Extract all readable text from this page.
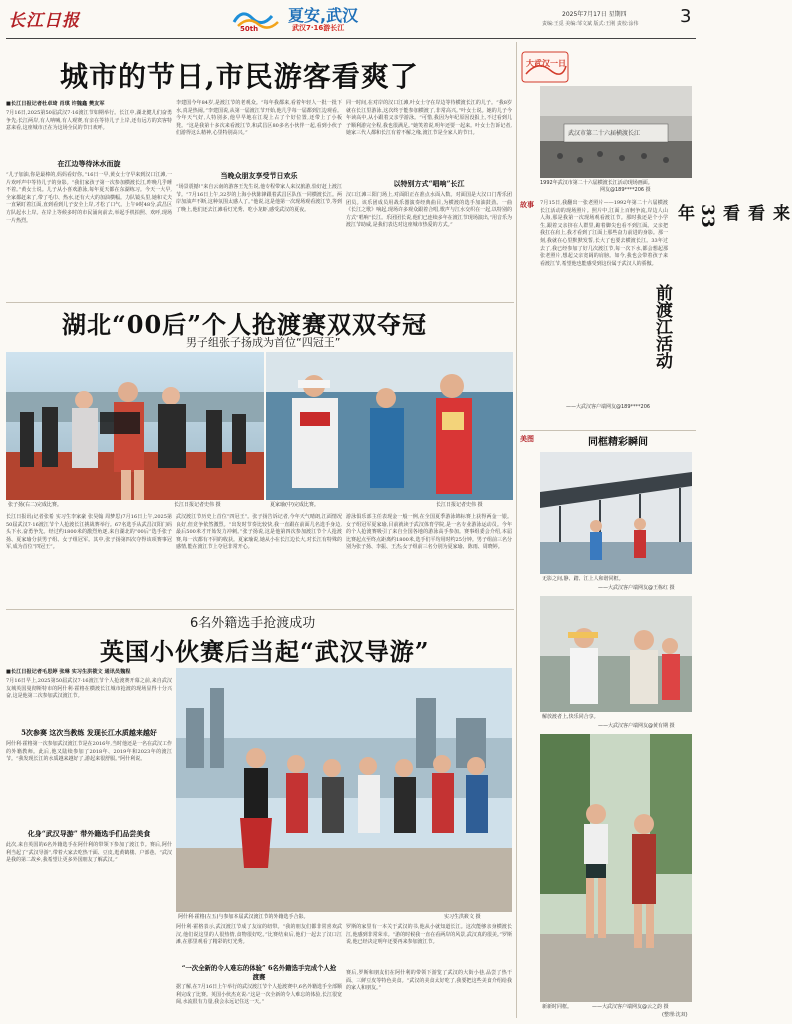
长江日报	50th
夏安,武汉
武汉7·16游长江
2025年7月17日 星期四
责编:王觅 美编:邹文斌 版式:王刚 责校:涂伟 3
城市的节日,市民游客看爽了
■长江日报记者杜卓琦 肖琪 许魏鑫 樊友军
7月16日,2025第50届武汉7·16渡江节如期举行。长江中,湖北健儿们奋勇争先;长江两岸,有人呐喊,有人观赛,有亲在等待儿子上岸,还有远方的宾客特意来看,这座城市正在为这场全民的节日欢呼。
在江边等待沐水而旋
“儿子加油,你是最棒的,妈妈看好你。”16日一早,黄女士守早来到汉口江滩,一片欢呼声中等待儿子的身影。“我们家孩子第一次参加横渡长江,昨晚几乎睡不着。”黄女士说。儿子从小喜欢游泳,每年夏天都在东湖练习。今天一大早,全家都赶来了,带了毛巾、热水,还有大大的加油横幅。力队镜头里,她和丈夫一直紧盯着江面,直到看到儿子安全上岸,才松了口气。上午9时48分,武昌区方队起水上岸。在岸上等候多时的市民涌向前去,举起手机拍照、欢呼,现场一片热烈。
李建国今年84岁,是渡江节的老观众。“每年我都来,看着年轻人一批一批下水,真是热闹。”李建国说,从第一届渡江节开始,他几乎每一届都到江边观看。今年天气好,人特别多,他早早地在江堤上占了个好位置,还带上了小板凳。“这是我第十多次来看渡江节,和武昌区80多名小伙伴一起,看到小伙子们游得这么精神,心里特别高兴。”
当晚众朋友享受节日欢乐
“场景震撼!”来自云南的游客王先生说,他专程带家人来汉旅游,恰好赶上渡江节。“7月16日上午,32岁的上海小伙陈锋跟着武昌区队伍一同横渡长江。两岸加油声不断,这种氛围太感人了。”他说,这是他第一次现场观看渡江节,等到了晚上,他们还去江滩看灯光秀、吃小龙虾,感受武汉的夏夜。
同一时间,在对岸的汉口江滩,叶女士守在岸边等待横渡长江的儿子。“我8岁就在长江里游泳,这次终于能参加横渡了,非常高兴。”叶女士说。她的儿子今年读高中,从小跟着父亲学游泳。“可惜,我因为年纪原因没报上,不过看到儿子顺利游完全程,我也很满足。”她笑着说,明年还要一起来。叶女士告诉记者,她家三代人都和长江有着不解之缘,渡江节是全家人的节日。
以特别方式“唱响”长江
汉口江滩三阳门场上,对面阳正在准点水面入数。对面国是大汉口门帮乐团团员。该乐团成员用战乐器演奏经典曲目,为横渡的选手加油鼓劲。一曲《长江之歌》响起,现场许多观众跟着合唱,歌声与江水交织在一起,以特别的方式“唱响”长江。乐团团长说,他们已连续多年在渡江节现场演出,“用音乐为渡江节助威,是我们表达对这座城市热爱的方式。”
湖北“00后”个人抢渡赛双双夺冠
男子组张子扬成为首位“四冠王”
张子扬(右二)完成比赛。	长江日报记者史伟 摄	夏家瑜(中)完成比赛。	长江日报记者史伟 摄
长江日报讯(记者张希 实习生李家豪 张昊翰 周梦思)7月16日上午,2025第50届武汉7·16渡江节个人抢渡长江挑战赛举行。67名选手从武昌汉阳门码头下水,奋勇争先。经过约1800米的激烈角逐,来自湖北的“00后”选手张子扬、夏家瑜分获男子组、女子组冠军。其中,张子扬第四次夺得该项赛事冠军,成为首位“四冠王”。
武汉渡江节历史上首位“四冠王”。张子扬告诉记者,今年天气晴朗,江面情况良好,但竞争依然激烈。“出发时节奏比较快,我一直跟在前面几名选手身边,最后500米才开始发力冲刺。”张子扬说,这是他第四次参加渡江节个人抢渡赛,每一次都有不同的收获。夏家瑜说,她从小在长江边长大,对长江有特殊的感情,能在渡江节上夺冠非常开心。
游泳俱乐部主任表现金一般一例,在全国夏季游泳锦标赛上获得两金一银。女子组冠军夏家瑜,目前就读于武汉体育学院,是一名专业游泳运动员。今年的个人抢渡赛吸引了来自全国各地的游泳高手参加。赛事组委会介绍,本届比赛起点至终点距离约1800米,选手们平均用时约25分钟。男子组前三名分别为张子扬、李振、王杰;女子组前三名分别为夏家瑜、陈雨、周晓婷。
6名外籍选手抢渡成功
英国小伙赛后当起“武汉导游”
■长江日报记者毛思婷 张琳 实习生洪筱文 通讯员魏程
7月16日早上,2025第50届武汉7·16渡江节个人抢渡赛开幕之前,来自武汉友城英国曼彻斯特市的阿什利·霍格在横渡长江城市抢渡的现场显得十分兴奋,这是他第二次参加武汉渡江节。
5次参赛 这次当教练 发现长江水质越来越好
阿什利·霍格第一次参加武汉渡江节是在2016年,当时他还是一名在武汉工作的外籍教师。此后,他又陆续参加了2018年、2019年和2023年的渡江节。“我发现长江的水质越来越好了,游起来很舒服。”阿什利说。
化身“武汉导游” 带外籍选手们品尝美食
此次,来自英国的6名外籍选手在阿什利的带领下参加了渡江节。赛后,阿什利当起了“武汉导游”,带着大家去吃热干面、豆皮,逛黄鹤楼、户部巷。“武汉是我的第二故乡,我希望让更多外国朋友了解武汉。”
阿什利·霍格(左五)与参加本届武汉渡江节的外籍选手合影。	实习生洪筱文 摄
阿什利·霍格表示,武汉渡江节成了友谊的纽带。“我的朋友们都非常喜欢武汉,他们说这里的人很热情,食物很好吃。”比赛结束后,他们一起去了汉口江滩,在那里观看了精彩的灯光秀。
“一次全新的令人难忘的体验” 6名外籍选手完成个人抢渡赛
据了解,在7月16日上午举行的武汉渡江节个人抢渡赛中,6名外籍选手全部顺利完成了比赛。英国小伙杰克说:“这是一次全新的令人难忘的体验,长江很宽阔,水流很有力量,我会永远记住这一天。”
罗斯的家里有一本关于武汉的书,他从小就知道长江。这次能够亲身横渡长江,他感到非常荣幸。“游的时候我一直在看两岸的风景,武汉真的很美。”罗斯说,他已经决定明年还要再来参加渡江节。
赛后,罗斯和朋友们在阿什利的带领下游览了武汉的大街小巷,品尝了热干面、三鲜豆皮等特色美食。“武汉的美食太好吃了,我要把这些美食介绍给我的家人和朋友。”
大武汉一日
武汉市第二十六届横渡长江
1992年武汉市第二十六届横渡长江活动现场画面。
网友@189****206 摄
故事 7月15日,我翻出一张老照片——1992年第二十六届横渡长江活动的现场照片。照片中,江面上百舸争流,岸边人山人海,那是我第一次现场观看渡江节。那时我还是个小学生,跟着父亲挤在人群里,踮着脚尖也看不到江面。父亲把我扛在肩上,我才看到了江面上那些奋力前进的身影。那一刻,我就在心里默默发誓,长大了也要去横渡长江。33年过去了,我已经参加了好几次渡江节,每一次下水,都会想起那张老照片,想起父亲宽阔的肩膀。如今,我也会带着孩子来看渡江节,希望他也能感受到这份属于武汉人的骄傲。
来看看33年
前渡江活动
——大武汉客户端网友@189****206
美图	同框精彩瞬间
无影之间,静、踏、江上人和谐同框。
——大武汉客户端网友@王栋红 摄
解放渡者上,快乐同合享。
——大武汉客户端网友@黄有期 摄
新新时同框。	——大武汉客户端网友@云之韵 摄
(整理:沈双)
